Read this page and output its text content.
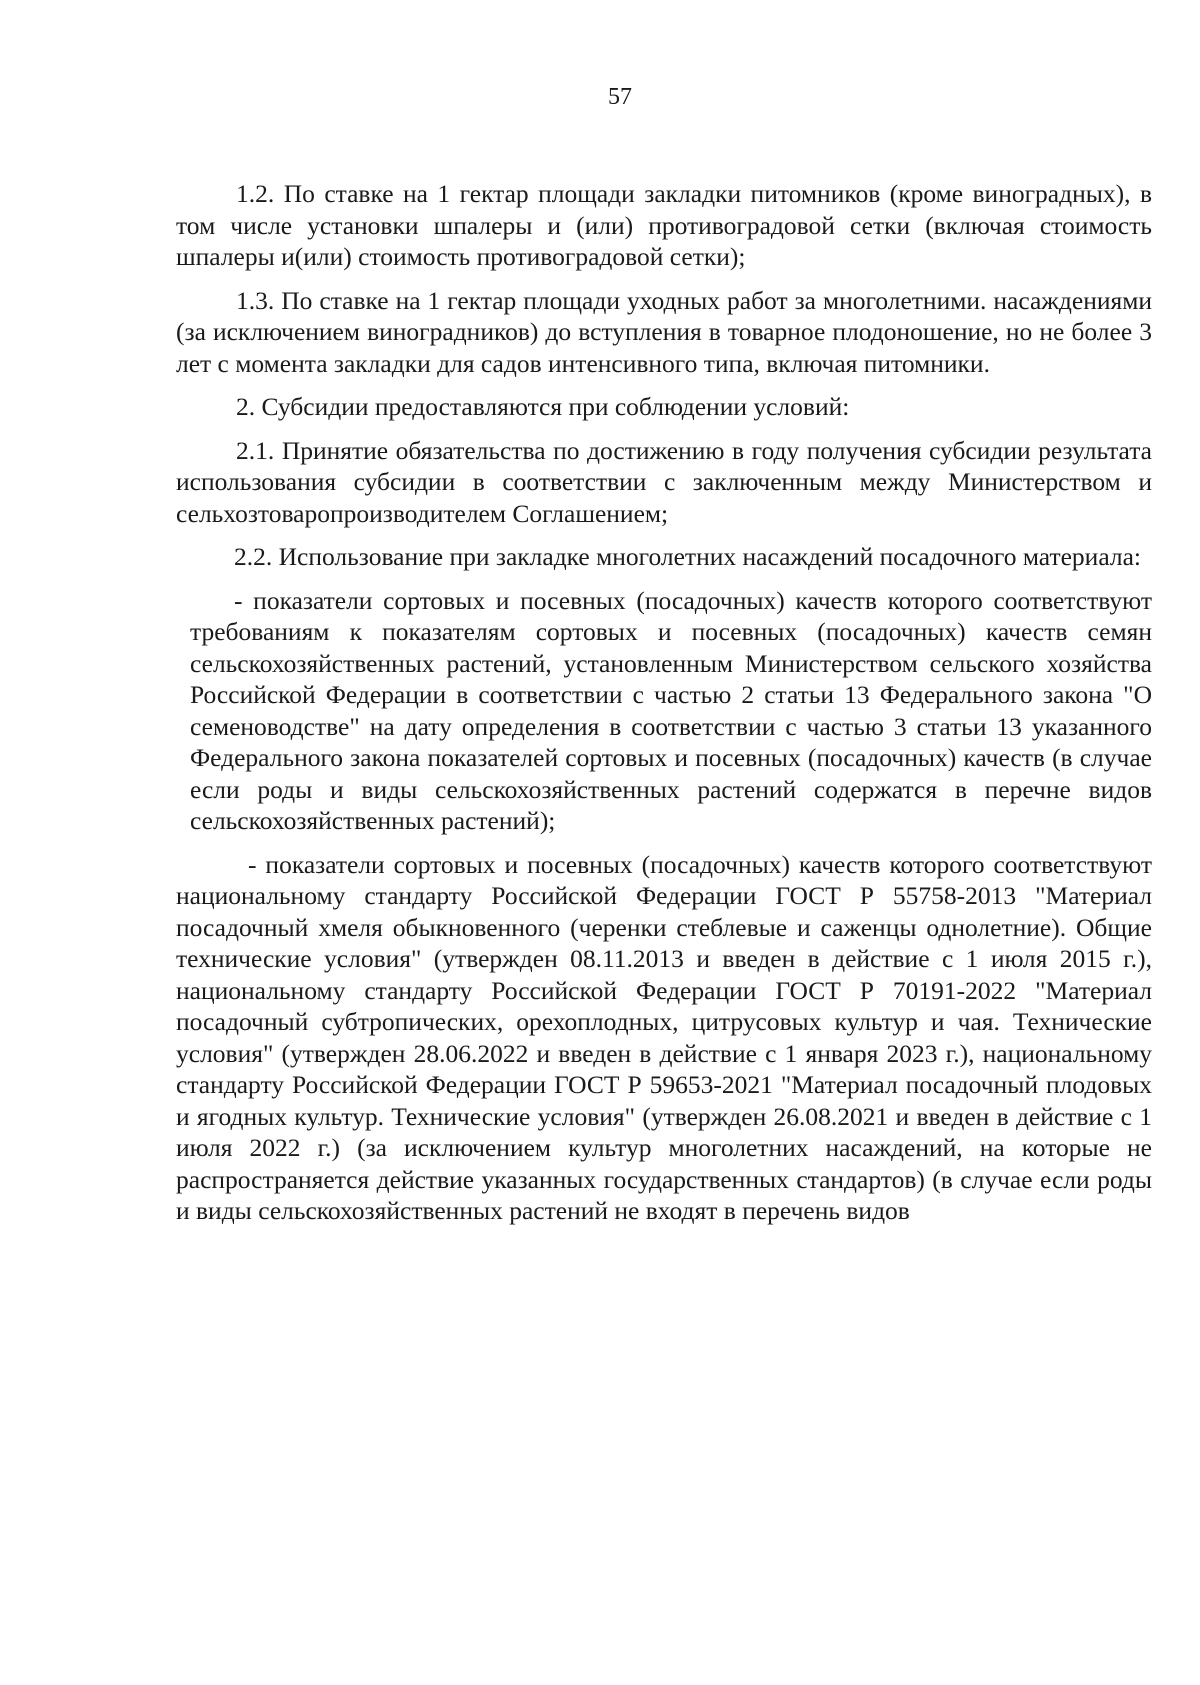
57

1.2. По ставке на 1 гектар площади закладки питомников (кроме виноградных), в том числе установки шпалеры и (или) противоградовой сетки (включая стоимость шпалеры и(или) стоимость противоградовой сетки);

1.3. По ставке на 1 гектар площади уходных работ за многолетними. насаждениями (за исключением виноградников) до вступления в товарное плодоношение, но не более 3 лет с момента закладки для садов интенсивного типа, включая питомники.

2. Субсидии предоставляются при соблюдении условий:

2.1. Принятие обязательства по достижению в году получения субсидии результата использования субсидии в соответствии с заключенным между Министерством и сельхозтоваропроизводителем Соглашением;

2.2. Использование при закладке многолетних насаждений посадочного материала:

- показатели сортовых и посевных (посадочных) качеств которого соответствуют требованиям к показателям сортовых и посевных (посадочных) качеств семян сельскохозяйственных растений, установленным Министерством сельского хозяйства Российской Федерации в соответствии с частью 2 статьи 13 Федерального закона "О семеноводстве" на дату определения в соответствии с частью 3 статьи 13 указанного Федерального закона показателей сортовых и посевных (посадочных) качеств (в случае если роды и виды сельскохозяйственных растений содержатся в перечне видов сельскохозяйственных растений);

- показатели сортовых и посевных (посадочных) качеств которого соответствуют национальному стандарту Российской Федерации ГОСТ Р 55758-2013 "Материал посадочный хмеля обыкновенного (черенки стеблевые и саженцы однолетние). Общие технические условия" (утвержден 08.11.2013 и введен в действие с 1 июля 2015 г.), национальному стандарту Российской Федерации ГОСТ Р 70191-2022 "Материал посадочный субтропических, орехоплодных, цитрусовых культур и чая. Технические условия" (утвержден 28.06.2022 и введен в действие с 1 января 2023 г.), национальному стандарту Российской Федерации ГОСТ Р 59653-2021 "Материал посадочный плодовых и ягодных культур. Технические условия" (утвержден 26.08.2021 и введен в действие с 1 июля 2022 г.) (за исключением культур многолетних насаждений, на которые не распространяется действие указанных государственных стандартов) (в случае если роды и виды сельскохозяйственных растений не входят в перечень видов
